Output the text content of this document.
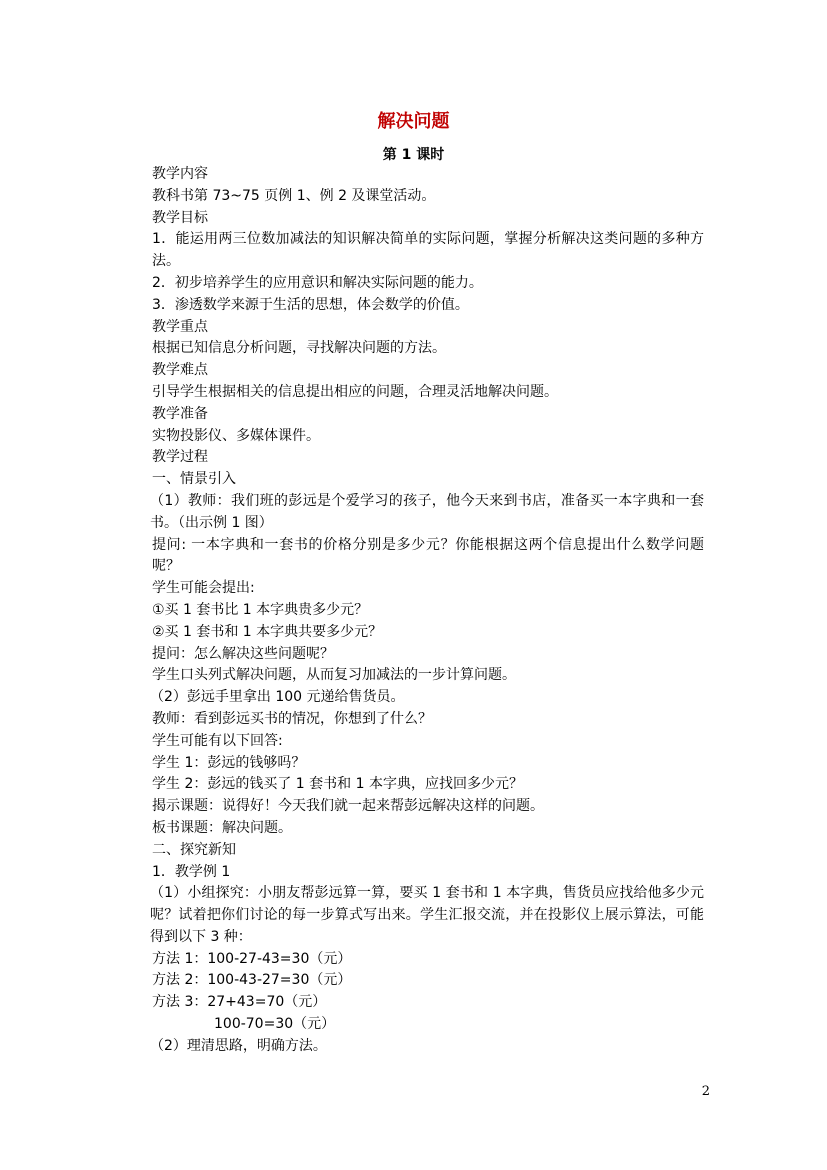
解决问题
第 1 课时
教学内容
教科书第 73~75 页例 1、例 2 及课堂活动。
教学目标
1．能运用两三位数加减法的知识解决简单的实际问题，掌握分析解决这类问题的多种方法。
2．初步培养学生的应用意识和解决实际问题的能力。
3．渗透数学来源于生活的思想，体会数学的价值。
教学重点
根据已知信息分析问题，寻找解决问题的方法。
教学难点
引导学生根据相关的信息提出相应的问题，合理灵活地解决问题。
教学准备
实物投影仪、多媒体课件。
教学过程
一、情景引入
（1）教师：我们班的彭远是个爱学习的孩子，他今天来到书店，准备买一本字典和一套书。（出示例 1 图）
提问: 一本字典和一套书的价格分别是多少元？你能根据这两个信息提出什么数学问题呢？
学生可能会提出:
①买 1 套书比 1 本字典贵多少元？
②买 1 套书和 1 本字典共要多少元？
提问：怎么解决这些问题呢？
学生口头列式解决问题，从而复习加减法的一步计算问题。
（2）彭远手里拿出 100 元递给售货员。
教师：看到彭远买书的情况，你想到了什么？
学生可能有以下回答:
学生 1：彭远的钱够吗？
学生 2：彭远的钱买了 1 套书和 1 本字典，应找回多少元？
揭示课题：说得好！今天我们就一起来帮彭远解决这样的问题。
板书课题：解决问题。
二、探究新知
1．教学例 1
（1）小组探究：小朋友帮彭远算一算，要买 1 套书和 1 本字典，售货员应找给他多少元呢？试着把你们讨论的每一步算式写出来。学生汇报交流，并在投影仪上展示算法，可能得到以下 3 种：
方法 1：100-27-43=30（元）
方法 2：100-43-27=30（元）
方法 3：27+43=70（元）
100-70=30（元）
（2）理清思路，明确方法。
2
